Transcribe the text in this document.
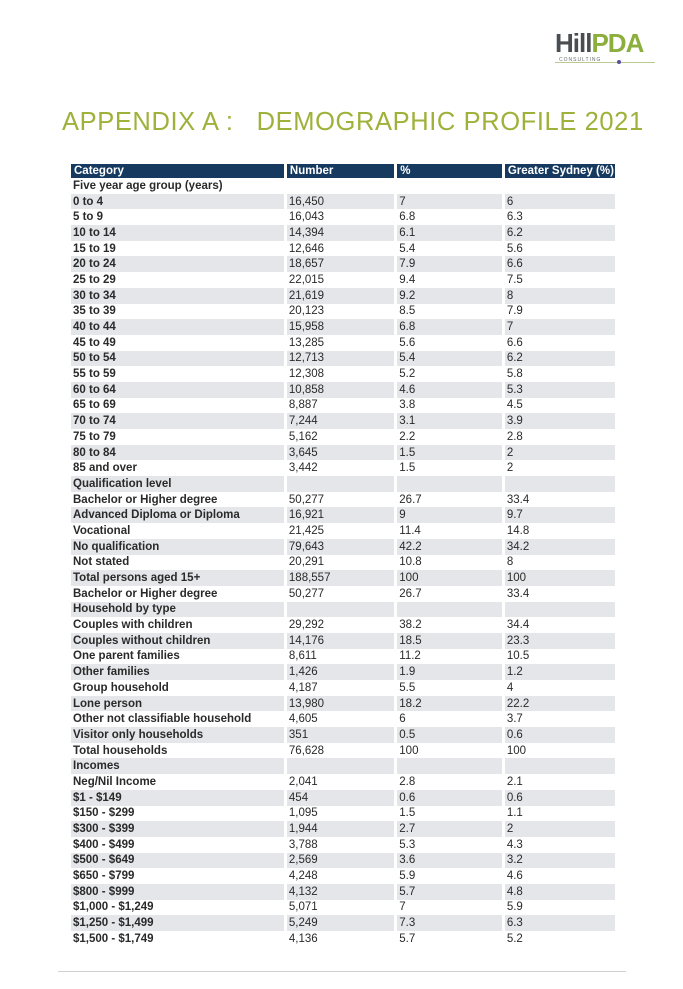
HillPDA
CONSULTING
APPENDIX A :   DEMOGRAPHIC PROFILE 2021
Category	Number	%	Greater Sydney (%)
Five year age group (years)			
0 to 4	16,450	7	6
5 to 9	16,043	6.8	6.3
10 to 14	14,394	6.1	6.2
15 to 19	12,646	5.4	5.6
20 to 24	18,657	7.9	6.6
25 to 29	22,015	9.4	7.5
30 to 34	21,619	9.2	8
35 to 39	20,123	8.5	7.9
40 to 44	15,958	6.8	7
45 to 49	13,285	5.6	6.6
50 to 54	12,713	5.4	6.2
55 to 59	12,308	5.2	5.8
60 to 64	10,858	4.6	5.3
65 to 69	8,887	3.8	4.5
70 to 74	7,244	3.1	3.9
75 to 79	5,162	2.2	2.8
80 to 84	3,645	1.5	2
85 and over	3,442	1.5	2
Qualification level			
Bachelor or Higher degree	50,277	26.7	33.4
Advanced Diploma or Diploma	16,921	9	9.7
Vocational	21,425	11.4	14.8
No qualification	79,643	42.2	34.2
Not stated	20,291	10.8	8
Total persons aged 15+	188,557	100	100
Bachelor or Higher degree	50,277	26.7	33.4
Household by type			
Couples with children	29,292	38.2	34.4
Couples without children	14,176	18.5	23.3
One parent families	8,611	11.2	10.5
Other families	1,426	1.9	1.2
Group household	4,187	5.5	4
Lone person	13,980	18.2	22.2
Other not classifiable household	4,605	6	3.7
Visitor only households	351	0.5	0.6
Total households	76,628	100	100
Incomes			
Neg/Nil Income	2,041	2.8	2.1
$1 - $149	454	0.6	0.6
$150 - $299	1,095	1.5	1.1
$300 - $399	1,944	2.7	2
$400 - $499	3,788	5.3	4.3
$500 - $649	2,569	3.6	3.2
$650 - $799	4,248	5.9	4.6
$800 - $999	4,132	5.7	4.8
$1,000 - $1,249	5,071	7	5.9
$1,250 - $1,499	5,249	7.3	6.3
$1,500 - $1,749	4,136	5.7	5.2
